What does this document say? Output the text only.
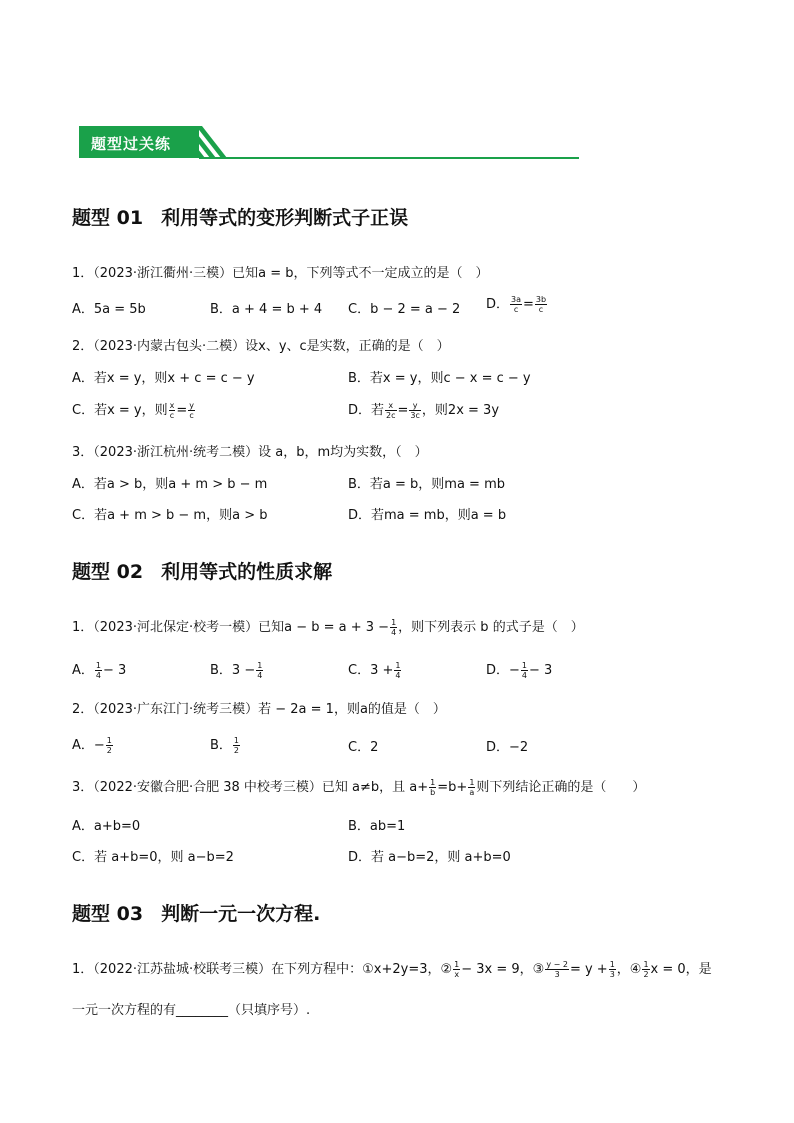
题型过关练
题型 01 利用等式的变形判断式子正误
1．（2023·浙江衢州·三模）已知a = b，下列等式不一定成立的是（　）
A．5a = 5b	B．a + 4 = b + 4 C．b − 2 = a − 2 D． $\frac{3a}{c} = \frac{3b}{c}$
2．（2023·内蒙古包头·二模）设x、y、c是实数，正确的是（　）
A．若x = y，则x + c = c − y	B．若x = y，则c − x = c − y
C．若x = y，则 $\frac{x}{c} = \frac{y}{c}$	D．若 $\frac{x}{2c} = \frac{y}{3c}$ ，则2x = 3y
3．（2023·浙江杭州·统考二模）设 a，b，m均为实数，（　）
A．若a > b，则a + m > b − m	B．若a = b，则ma = mb
C．若a + m > b − m，则a > b	D．若ma = mb，则a = b
题型 02 利用等式的性质求解
1．（2023·河北保定·校考一模）已知$a - b = a + 3 - \frac{1}{4}$ ，则下列表示 b 的式子是（　）
A． $\frac{1}{4} - 3$	B．$3 - \frac{1}{4}$	C．$3 + \frac{1}{4}$	D．− $\frac{1}{4} - 3$
2．（2023·广东江门·统考三模）若 − 2a = 1，则a的值是（　）
A．− $\frac{1}{2}$	B． $\frac{1}{2}$	C．2	D．−2
3．（2022·安徽合肥·合肥 38 中校考三模）已知 a≠b，且 $a+ \frac{1}{b} =b+ \frac{1}{a}$ 则下列结论正确的是（　　）
A．a+b=0	B．ab=1
C．若 a+b=0，则 a−b=2	D．若 a−b=2，则 a+b=0
题型 03 判断一元一次方程.
1．（2022·江苏盐城·校联考三模）在下列方程中：①x+2y=3，② $\frac{1}{x} - 3x = 9$，③ $\frac{y - 2}{3} = y + \frac{1}{3}$ ，④ $\frac{1}{2}$ x = 0，是
一元一次方程的有________（只填序号）.
